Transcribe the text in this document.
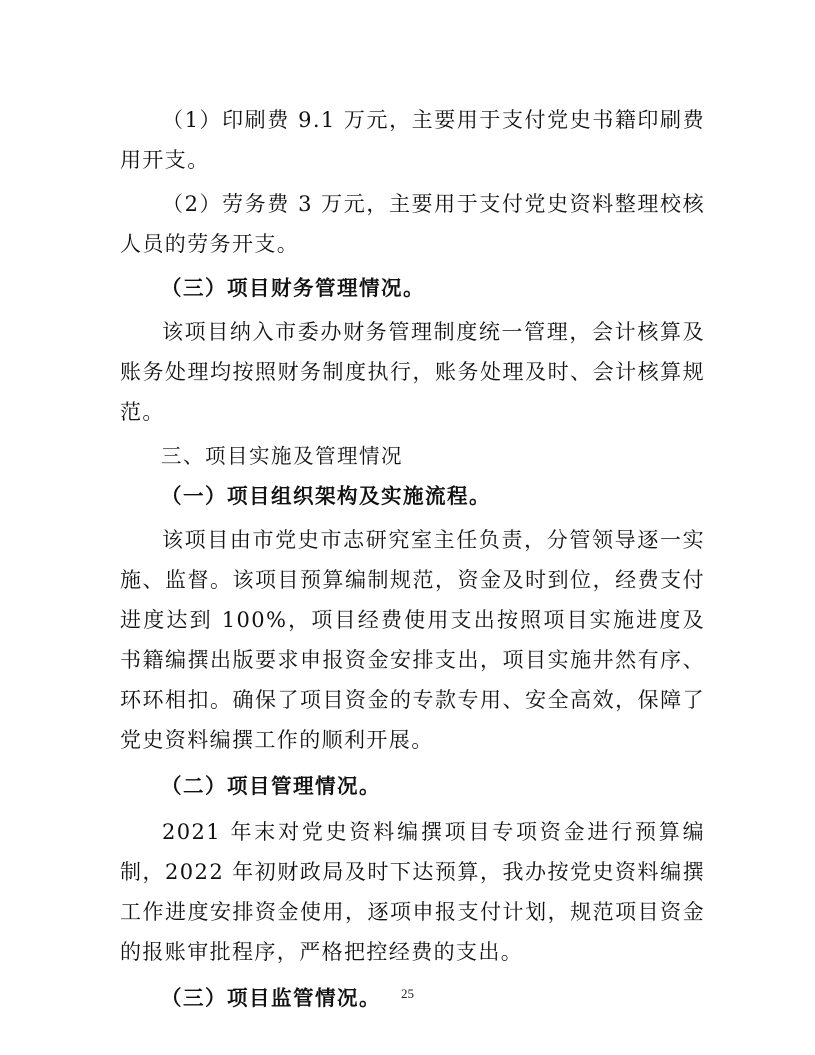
（1）印刷费 9.1 万元，主要用于支付党史书籍印刷费用开支。

（2）劳务费 3 万元，主要用于支付党史资料整理校核人员的劳务开支。

（三）项目财务管理情况。

该项目纳入市委办财务管理制度统一管理，会计核算及账务处理均按照财务制度执行，账务处理及时、会计核算规范。

三、项目实施及管理情况

（一）项目组织架构及实施流程。

该项目由市党史市志研究室主任负责，分管领导逐一实施、监督。该项目预算编制规范，资金及时到位，经费支付进度达到 100%，项目经费使用支出按照项目实施进度及书籍编撰出版要求申报资金安排支出，项目实施井然有序、环环相扣。确保了项目资金的专款专用、安全高效，保障了党史资料编撰工作的顺利开展。

（二）项目管理情况。

2021 年末对党史资料编撰项目专项资金进行预算编制，2022 年初财政局及时下达预算，我办按党史资料编撰工作进度安排资金使用，逐项申报支付计划，规范项目资金的报账审批程序，严格把控经费的支出。

（三）项目监管情况。	25
